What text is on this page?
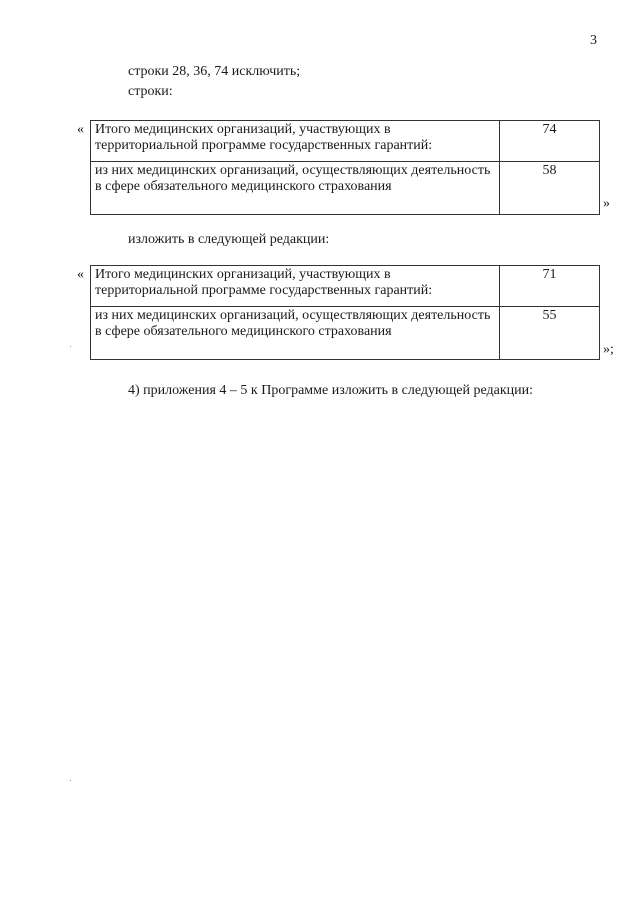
3
строки 28, 36, 74 исключить;
строки:
« Итого медицинских организаций, участвующих в территориальной программе государственных гарантий:	74
из них медицинских организаций, осуществляющих деятельность в сфере обязательного медицинского страхования	58
»
изложить в следующей редакции:
« Итого медицинских организаций, участвующих в территориальной программе государственных гарантий:	71
из них медицинских организаций, осуществляющих деятельность в сфере обязательного медицинского страхования	55
»;
4) приложения 4 – 5 к Программе изложить в следующей редакции:
